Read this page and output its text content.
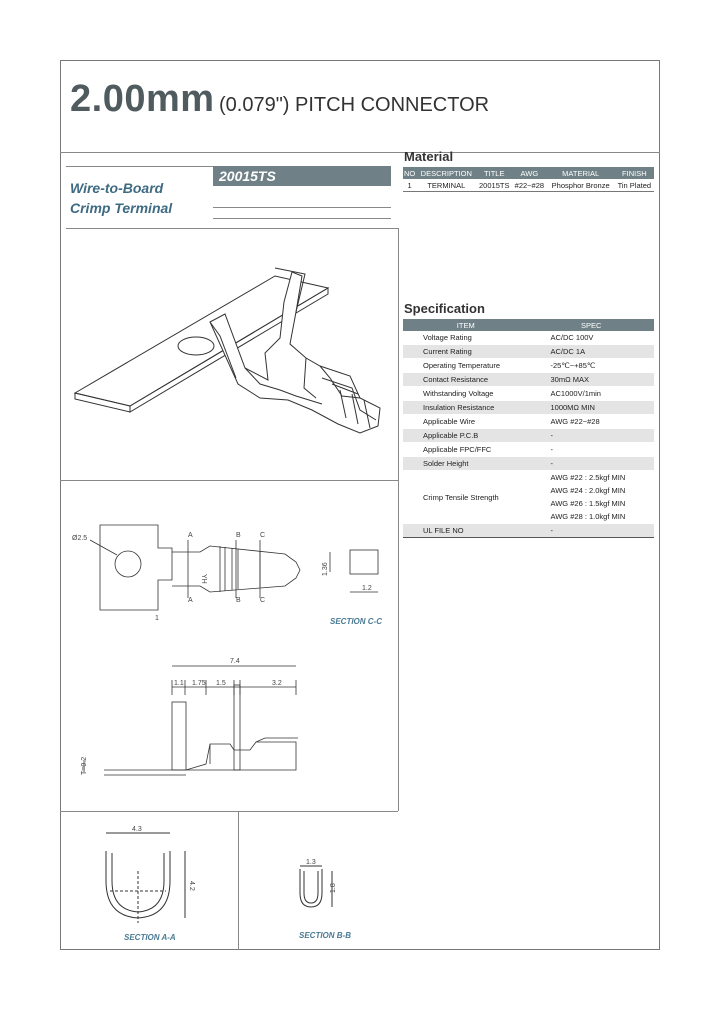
2.00mm (0.079") PITCH CONNECTOR
Wire-to-Board
Crimp Terminal
20015TS
Material
NO	DESCRIPTION	TITLE	AWG	MATERIAL	FINISH
1	TERMINAL	20015TS	#22~#28	Phosphor Bronze	Tin Plated
Specification
ITEM	SPEC
Voltage Rating	AC/DC 100V
Current Rating	AC/DC 1A
Operating Temperature	-25℃~+85℃
Contact Resistance	30mΩ MAX
Withstanding Voltage	AC1000V/1min
Insulation Resistance	1000MΩ MIN
Applicable Wire	AWG #22~#28
Applicable P.C.B	-
Applicable FPC/FFC	-
Solder Height	-
Crimp Tensile Strength	AWG #22 : 2.5kgf MIN
AWG #24 : 2.0kgf MIN
AWG #26 : 1.5kgf MIN
AWG #28 : 1.0kgf MIN

UL FILE NO	-
Ø2.5	A	B	C
A	B	C
1
YH
1.36
1.2
7.4
1.1 1.75 1.5	3.2
T=0.2
SECTION C-C
4.3
4.2
SECTION A-A
1.3
1.8
SECTION B-B
